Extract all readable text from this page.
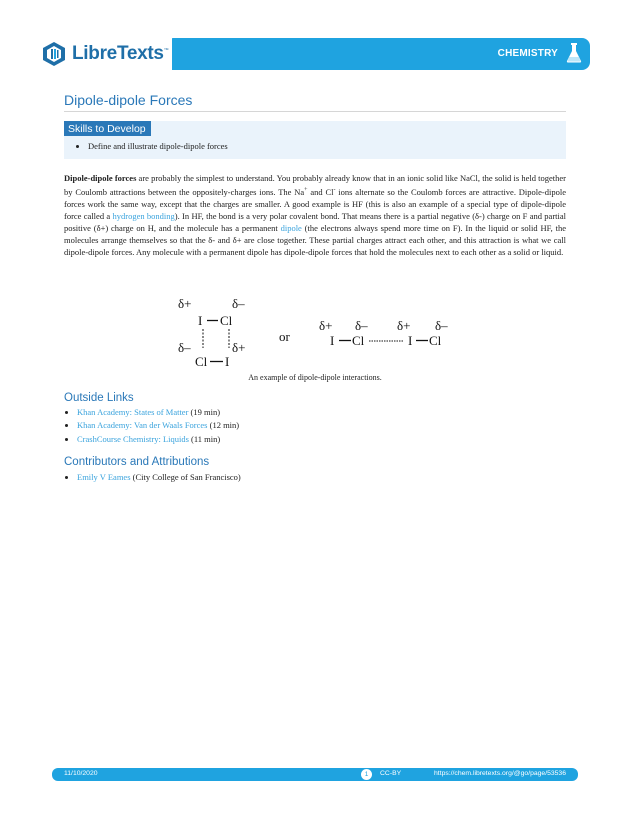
CHEMISTRY
LibreTexts™
Dipole-dipole Forces
Skills to Develop
• Define and illustrate dipole-dipole forces
Dipole-dipole forces are probably the simplest to understand. You probably already know that in an ionic solid like NaCl, the solid is held together by Coulomb attractions between the oppositely-charges ions. The Na+ and Cl- ions alternate so the Coulomb forces are attractive. Dipole-dipole forces work the same way, except that the charges are smaller. A good example is HF (this is also an example of a special type of dipole-dipole force called a hydrogen bonding). In HF, the bond is a very polar covalent bond. That means there is a partial negative (δ-) charge on F and partial positive (δ+) charge on H, and the molecule has a permanent dipole (the electrons always spend more time on F). In the liquid or solid HF, the molecules arrange themselves so that the δ- and δ+ are close together. These partial charges attract each other, and this attraction is what we call dipole-dipole forces. Any molecule with a permanent dipole has dipole-dipole forces that hold the molecules next to each other as a solid or liquid.
δ+	δ–
I Cl
δ–	δ+
Cl I
or
δ+ δ– δ+ δ–
I Cl	I Cl
An example of dipole-dipole interactions.
Outside Links
• Khan Academy: States of Matter (19 min)
• Khan Academy: Van der Waals Forces (12 min)
• CrashCourse Chemistry: Liquids (11 min)
Contributors and Attributions
• Emily V Eames (City College of San Francisco)
11/10/2020	1	CC-BY	https://chem.libretexts.org/@go/page/53536
